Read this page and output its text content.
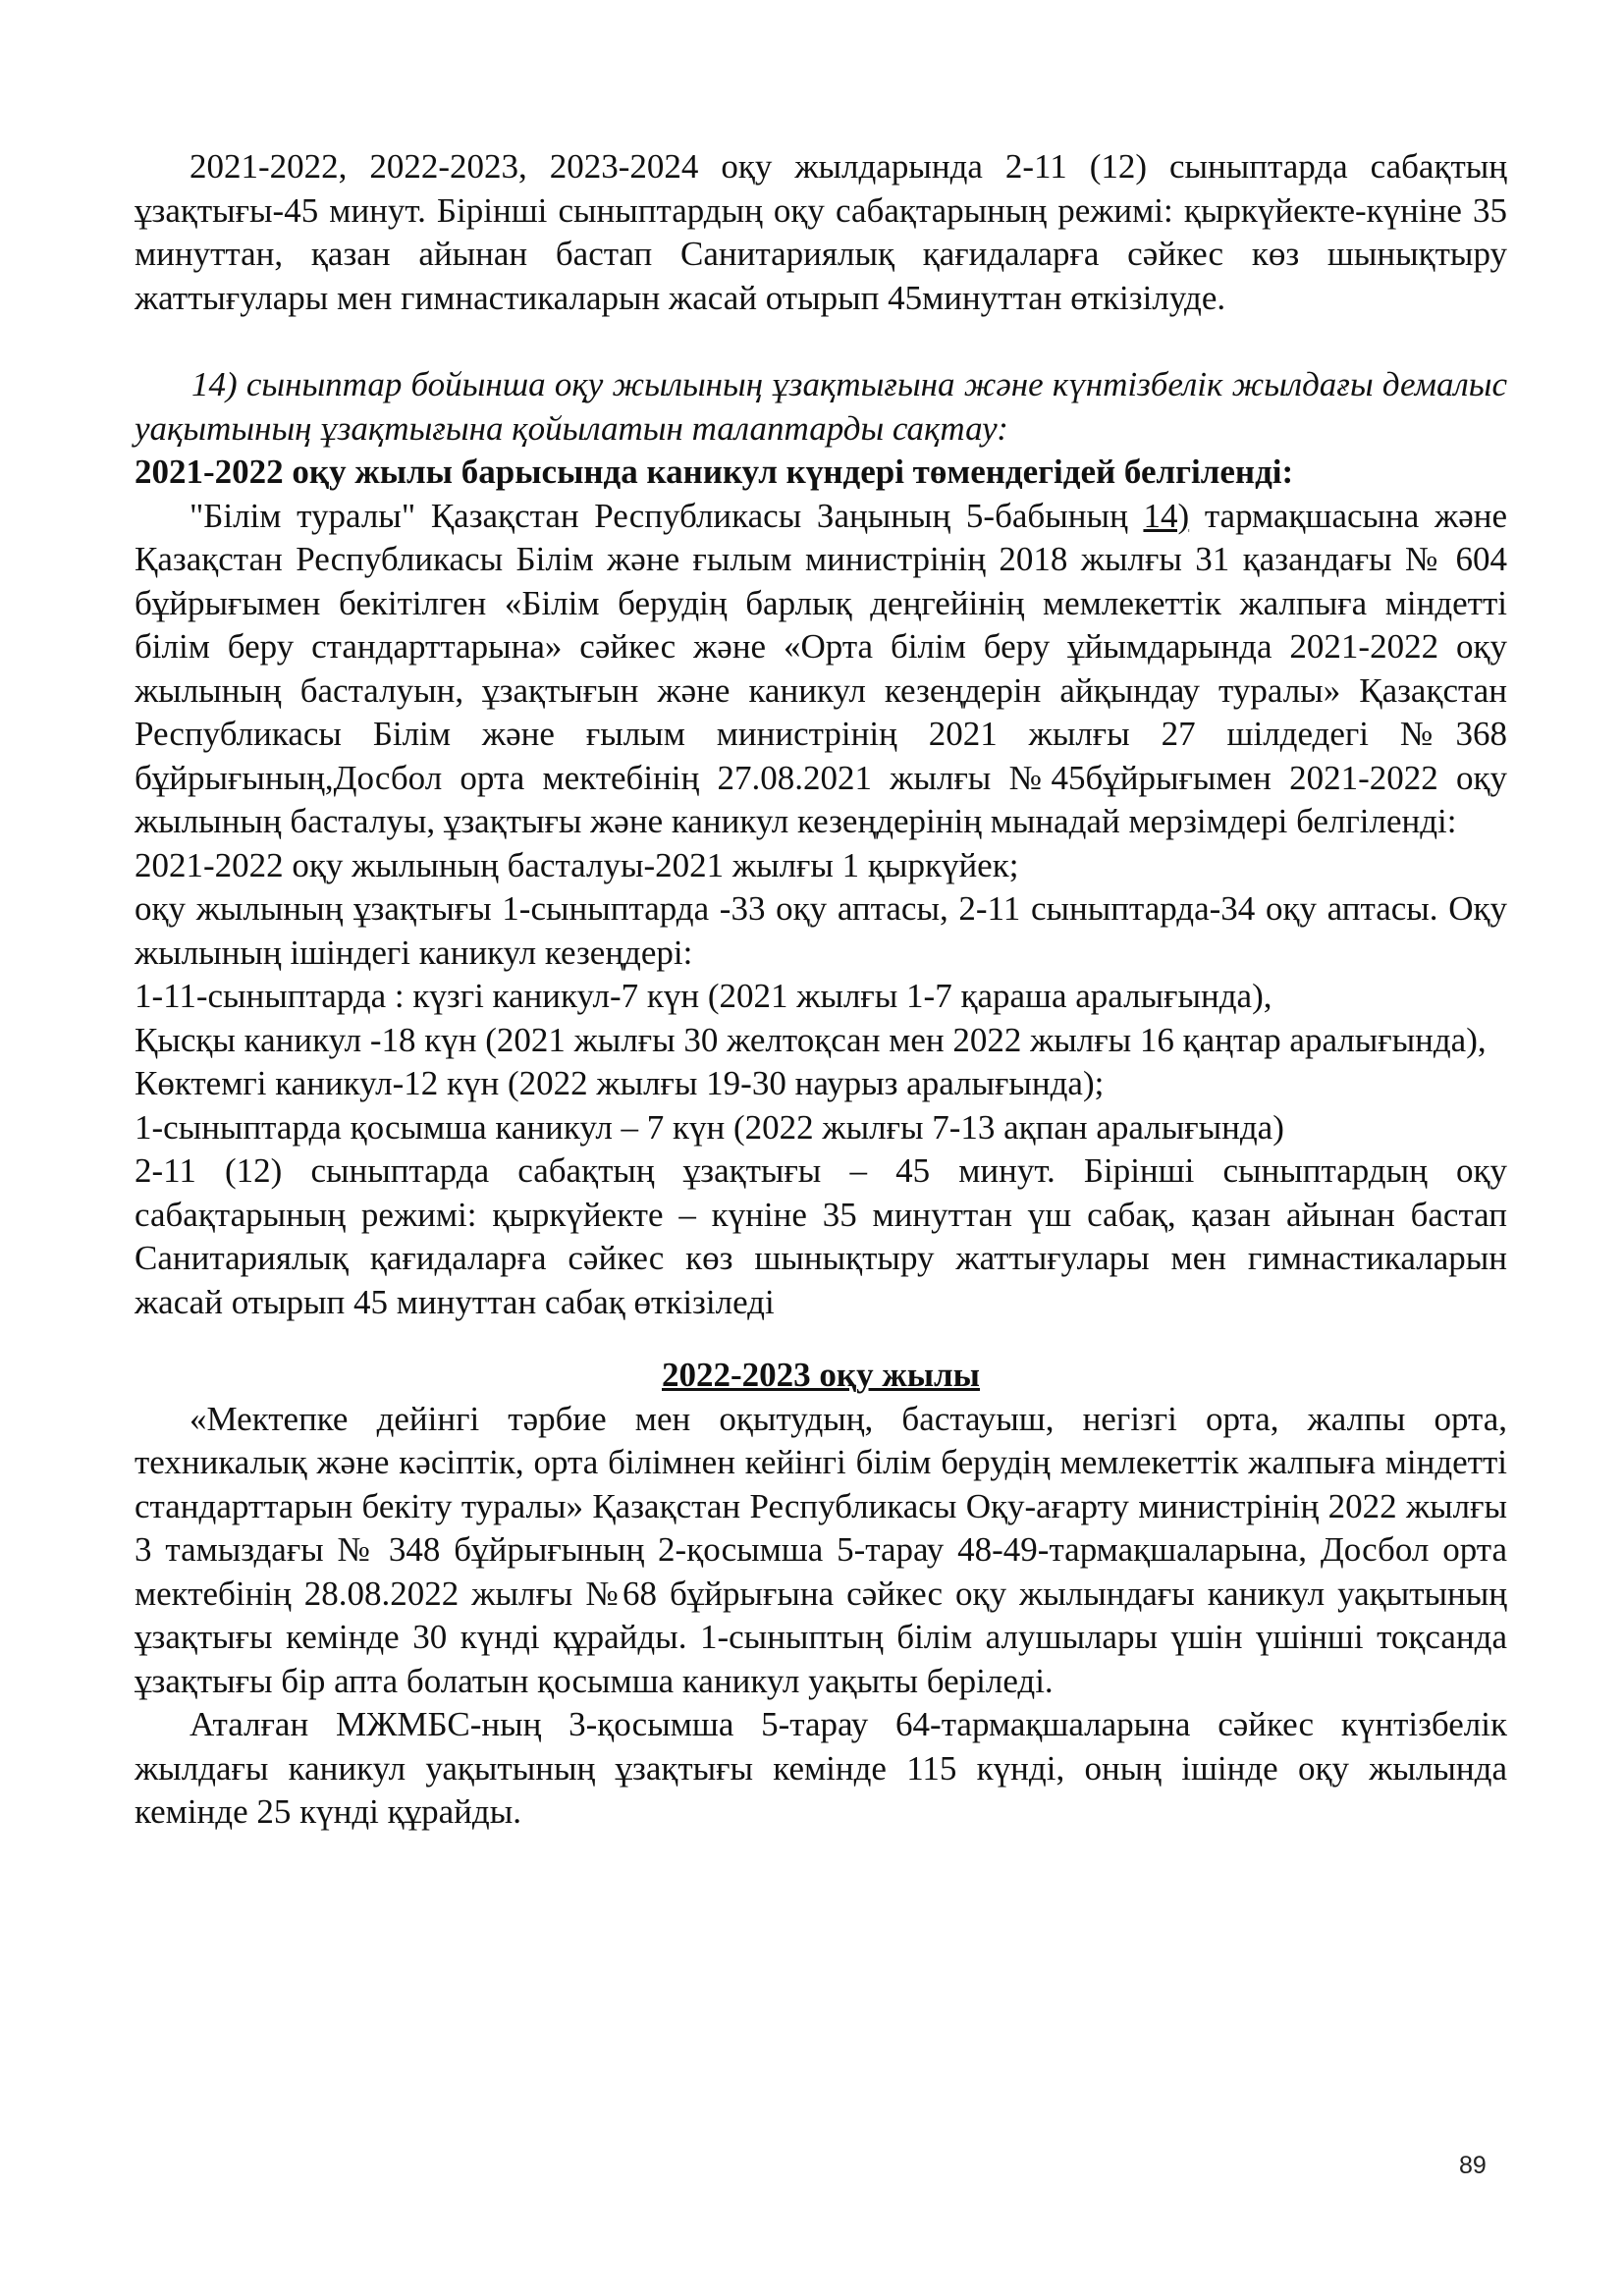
2021-2022, 2022-2023, 2023-2024 оқу жылдарында 2-11 (12) сыныптарда сабақтың ұзақтығы-45 минут. Бірінші сыныптардың оқу сабақтарының режимі: қыркүйекте-күніне 35 минуттан, қазан айынан бастап Санитариялық қағидаларға сәйкес көз шынықтыру жаттығулары мен гимнастикаларын жасай отырып 45минуттан өткізілуде.

14) сыныптар бойынша оқу жылының ұзақтығына және күнтізбелік жылдағы демалыс уақытының ұзақтығына қойылатын талаптарды сақтау:

2021-2022 оқу жылы барысында каникул күндері төмендегідей белгіленді:

"Білім туралы" Қазақстан Республикасы Заңының 5-бабының 14) тармақшасына және Қазақстан Республикасы Білім және ғылым министрінің 2018 жылғы 31 қазандағы № 604 бұйрығымен бекітілген «Білім берудің барлық деңгейінің мемлекеттік жалпыға міндетті білім беру стандарттарына» сәйкес және «Орта білім беру ұйымдарында 2021-2022 оқу жылының басталуын, ұзақтығын және каникул кезеңдерін айқындау туралы» Қазақстан Республикасы Білім және ғылым министрінің 2021 жылғы 27 шілдедегі №368 бұйрығының,Досбол орта мектебінің 27.08.2021 жылғы №45бұйрығымен 2021-2022 оқу жылының басталуы, ұзақтығы және каникул кезеңдерінің мынадай мерзімдері белгіленді:

2021-2022 оқу жылының басталуы-2021 жылғы 1 қыркүйек;

оқу жылының ұзақтығы 1-сыныптарда -33 оқу аптасы, 2-11 сыныптарда-34 оқу аптасы. Оқу жылының ішіндегі каникул кезеңдері:

1-11-сыныптарда : күзгі каникул-7 күн (2021 жылғы 1-7 қараша аралығында),

Қысқы каникул -18 күн (2021 жылғы 30 желтоқсан мен 2022 жылғы 16 қаңтар аралығында),

Көктемгі каникул-12 күн (2022 жылғы 19-30 наурыз аралығында);

1-сыныптарда қосымша каникул – 7 күн (2022 жылғы 7-13 ақпан аралығында)

2-11 (12) сыныптарда сабақтың ұзақтығы – 45 минут. Бірінші сыныптардың оқу сабақтарының режимі: қыркүйекте – күніне 35 минуттан үш сабақ, қазан айынан бастап Санитариялық қағидаларға сәйкес көз шынықтыру жаттығулары мен гимнастикаларын жасай отырып 45 минуттан сабақ өткізіледі

2022-2023 оқу жылы

«Мектепке дейінгі тәрбие мен оқытудың, бастауыш, негізгі орта, жалпы орта, техникалық және кәсіптік, орта білімнен кейінгі білім берудің мемлекеттік жалпыға міндетті стандарттарын бекіту туралы» Қазақстан Республикасы Оқу-ағарту министрінің 2022 жылғы 3 тамыздағы № 348 бұйрығының 2-қосымша 5-тарау 48-49-тармақшаларына, Досбол орта мектебінің 28.08.2022 жылғы №68 бұйрығына сәйкес оқу жылындағы каникул уақытының ұзақтығы кемінде 30 күнді құрайды. 1-сыныптың білім алушылары үшін үшінші тоқсанда ұзақтығы бір апта болатын қосымша каникул уақыты беріледі.

Аталған МЖМБС-ның 3-қосымша 5-тарау 64-тармақшаларына сәйкес күнтізбелік жылдағы каникул уақытының ұзақтығы кемінде 115 күнді, оның ішінде оқу жылында кемінде 25 күнді құрайды.

89
